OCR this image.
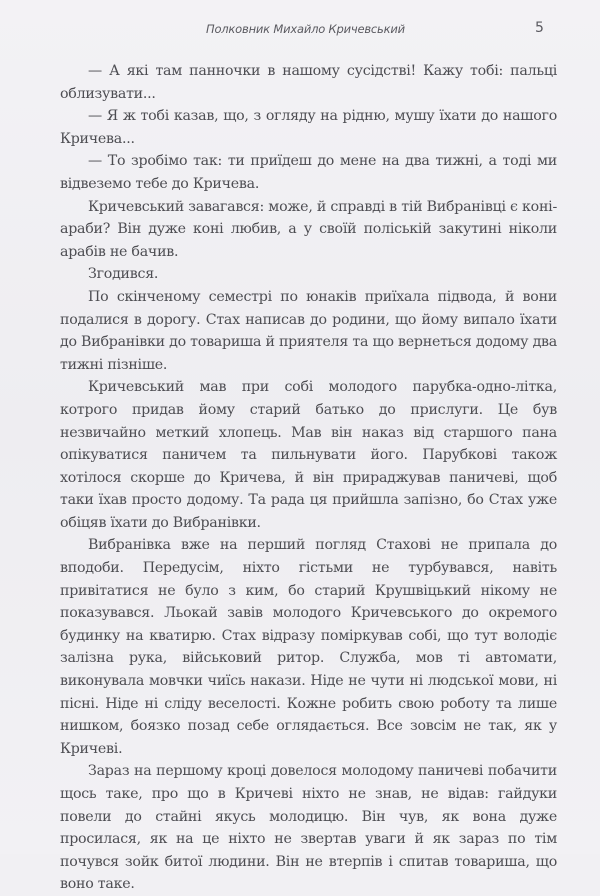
Полковник Михайло Кричевський	5

— А які там панночки в нашому сусідстві! Кажу тобі: пальці облизувати...

— Я ж тобі казав, що, з огляду на рідню, мушу їхати до нашого Кричева...

— То зробімо так: ти приїдеш до мене на два тижні, а тоді ми відвеземо тебе до Кричева.

Кричевський завагався: може, й справді в тій Вибранівці є коні-араби? Він дуже коні любив, а у своїй поліській закутині ніколи арабів не бачив.

Згодився.

По скінченому семестрі по юнаків приїхала підвода, й вони подалися в дорогу. Стах написав до родини, що йому випало їхати до Вибранівки до товариша й приятеля та що вернеться додому два тижні пізніше.

Кричевський мав при собі молодого парубка-одно-літка, котрого придав йому старий батько до прислуги. Це був незвичайно меткий хлопець. Мав він наказ від старшого пана опікуватися паничем та пильнувати його. Парубкові також хотілося скорше до Кричева, й він прираджував паничеві, щоб таки їхав просто додому. Та рада ця прийшла запізно, бо Стах уже обіцяв їхати до Вибранівки.

Вибранівка вже на перший погляд Стахові не припала до вподоби. Передусім, ніхто гістьми не турбувався, навіть привітатися не було з ким, бо старий Крушвіцький нікому не показувався. Льокай завів молодого Кричевського до окремого будинку на кватирю. Стах відразу поміркував собі, що тут володіє залізна рука, військовий ритор. Служба, мов ті автомати, виконувала мовчки чиїсь накази. Ніде не чути ні людської мови, ні пісні. Ніде ні сліду веселості. Кожне робить свою роботу та лише нишком, боязко позад себе оглядається. Все зовсім не так, як у Кричеві.

Зараз на першому кроці довелося молодому паничеві побачити щось таке, про що в Кричеві ніхто не знав, не відав: гайдуки повели до стайні якусь молодицю. Він чув, як вона дуже просилася, як на це ніхто не звертав уваги й як зараз по тім почувся зойк битої людини. Він не втерпів і спитав товариша, що воно таке.
